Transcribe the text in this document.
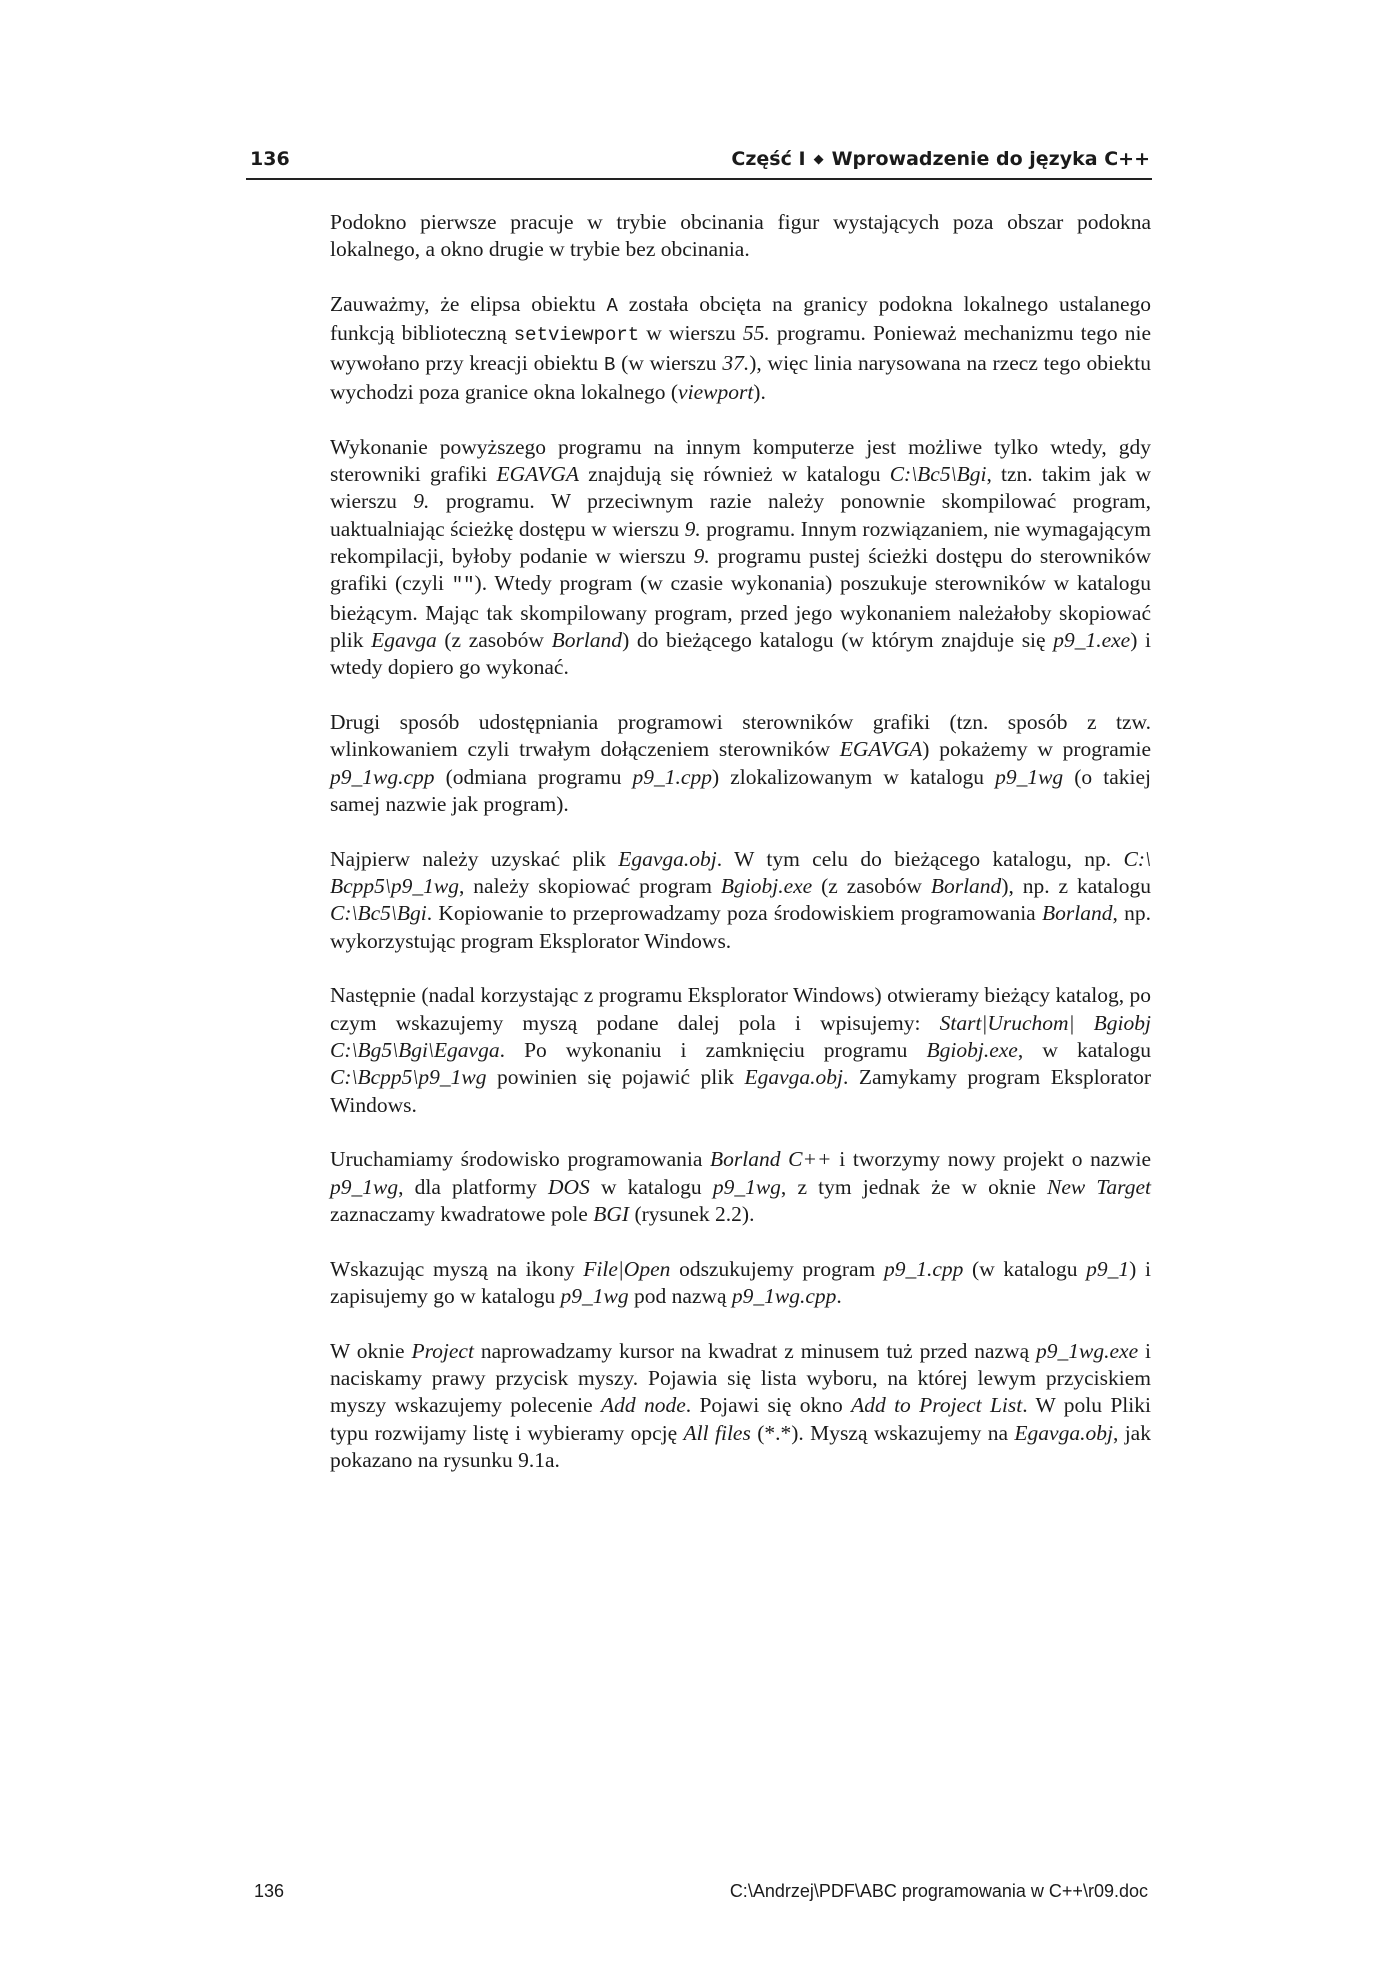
136	Część I ◆ Wprowadzenie do języka C++

Podokno pierwsze pracuje w trybie obcinania figur wystających poza obszar podokna lokalnego, a okno drugie w trybie bez obcinania.

Zauważmy, że elipsa obiektu A została obcięta na granicy podokna lokalnego ustalanego funkcją biblioteczną setviewport w wierszu 55. programu. Ponieważ mechanizmu tego nie wywołano przy kreacji obiektu B (w wierszu 37.), więc linia narysowana na rzecz tego obiektu wychodzi poza granice okna lokalnego (viewport).

Wykonanie powyższego programu na innym komputerze jest możliwe tylko wtedy, gdy sterowniki grafiki EGAVGA znajdują się również w katalogu C:\Bc5\Bgi, tzn. takim jak w wierszu 9. programu. W przeciwnym razie należy ponownie skompilować program, uaktualniając ścieżkę dostępu w wierszu 9. programu. Innym rozwiązaniem, nie wymagającym rekompilacji, byłoby podanie w wierszu 9. programu pustej ścieżki dostępu do sterowników grafiki (czyli ""). Wtedy program (w czasie wykonania) poszukuje sterowników w katalogu bieżącym. Mając tak skompilowany program, przed jego wykonaniem należałoby skopiować plik Egavga (z zasobów Borland) do bieżącego katalogu (w którym znajduje się p9_1.exe) i wtedy dopiero go wykonać.

Drugi sposób udostępniania programowi sterowników grafiki (tzn. sposób z tzw. wlinkowaniem czyli trwałym dołączeniem sterowników EGAVGA) pokażemy w programie p9_1wg.cpp (odmiana programu p9_1.cpp) zlokalizowanym w katalogu p9_1wg (o takiej samej nazwie jak program).

Najpierw należy uzyskać plik Egavga.obj. W tym celu do bieżącego katalogu, np. C:\ Bcpp5\p9_1wg, należy skopiować program Bgiobj.exe (z zasobów Borland), np. z katalogu C:\Bc5\Bgi. Kopiowanie to przeprowadzamy poza środowiskiem programowania Borland, np. wykorzystując program Eksplorator Windows.

Następnie (nadal korzystając z programu Eksplorator Windows) otwieramy bieżący katalog, po czym wskazujemy myszą podane dalej pola i wpisujemy: Start|Uruchom| Bgiobj C:\Bg5\Bgi\Egavga. Po wykonaniu i zamknięciu programu Bgiobj.exe, w katalogu C:\Bcpp5\p9_1wg powinien się pojawić plik Egavga.obj. Zamykamy program Eksplorator Windows.

Uruchamiamy środowisko programowania Borland C++ i tworzymy nowy projekt o nazwie p9_1wg, dla platformy DOS w katalogu p9_1wg, z tym jednak że w oknie New Target zaznaczamy kwadratowe pole BGI (rysunek 2.2).

Wskazując myszą na ikony File|Open odszukujemy program p9_1.cpp (w katalogu p9_1) i zapisujemy go w katalogu p9_1wg pod nazwą p9_1wg.cpp.

W oknie Project naprowadzamy kursor na kwadrat z minusem tuż przed nazwą p9_1wg.exe i naciskamy prawy przycisk myszy. Pojawia się lista wyboru, na której lewym przyciskiem myszy wskazujemy polecenie Add node. Pojawi się okno Add to Project List. W polu Pliki typu rozwijamy listę i wybieramy opcję All files (*.*). Myszą wskazujemy na Egavga.obj, jak pokazano na rysunku 9.1a.

136	C:\Andrzej\PDF\ABC programowania w C++\r09.doc
